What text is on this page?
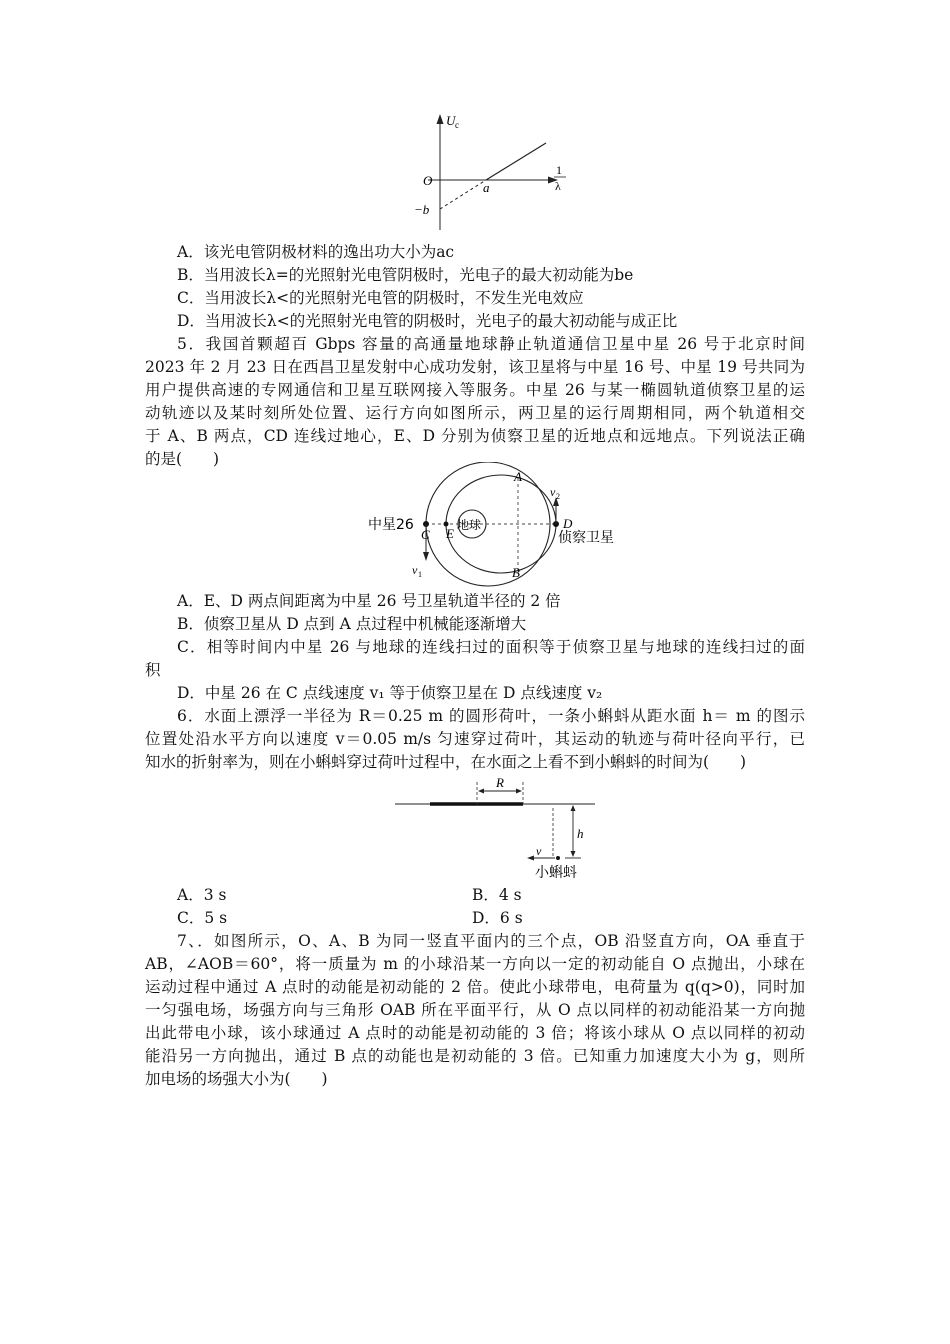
U c
O	a
−b
1
λ
A．该光电管阴极材料的逸出功大小为ac
B．当用波长λ=的光照射光电管阴极时，光电子的最大初动能为be
C．当用波长λ<的光照射光电管的阴极时，不发生光电效应
D．当用波长λ<的光照射光电管的阴极时，光电子的最大初动能与成正比
5．我国首颗超百 Gbps 容量的高通量地球静止轨道通信卫星中星 26 号于北京时间
2023 年 2 月 23 日在西昌卫星发射中心成功发射，该卫星将与中星 16 号、中星 19 号共同为
用户提供高速的专网通信和卫星互联网接入等服务。中星 26 与某一椭圆轨道侦察卫星的运
动轨迹以及某时刻所处位置、运行方向如图所示，两卫星的运行周期相同，两个轨道相交
于 A、B 两点，CD 连线过地心，E、D 分别为侦察卫星的近地点和远地点。下列说法正确
的是(　　)
地球
中星26
侦察卫星
A
B
C
D
E
v 1
v 2
A．E、D 两点间距离为中星 26 号卫星轨道半径的 2 倍
B．侦察卫星从 D 点到 A 点过程中机械能逐渐增大
C．相等时间内中星 26 与地球的连线扫过的面积等于侦察卫星与地球的连线扫过的面
积
D．中星 26 在 C 点线速度 v₁ 等于侦察卫星在 D 点线速度 v₂
6．水面上漂浮一半径为 R＝0.25 m 的圆形荷叶，一条小蝌蚪从距水面 h＝ m 的图示
位置处沿水平方向以速度 v＝0.05 m/s 匀速穿过荷叶，其运动的轨迹与荷叶径向平行，已
知水的折射率为，则在小蝌蚪穿过荷叶过程中，在水面之上看不到小蝌蚪的时间为(　　)
R
h
v
小蝌蚪
A．3 s	B．4 s
C．5 s	D．6 s
7、．如图所示，O、A、B 为同一竖直平面内的三个点，OB 沿竖直方向，OA 垂直于
AB，∠AOB＝60°，将一质量为 m 的小球沿某一方向以一定的初动能自 O 点抛出，小球在
运动过程中通过 A 点时的动能是初动能的 2 倍。使此小球带电，电荷量为 q(q>0)，同时加
一匀强电场，场强方向与三角形 OAB 所在平面平行，从 O 点以同样的初动能沿某一方向抛
出此带电小球，该小球通过 A 点时的动能是初动能的 3 倍；将该小球从 O 点以同样的初动
能沿另一方向抛出，通过 B 点的动能也是初动能的 3 倍。已知重力加速度大小为 g，则所
加电场的场强大小为(　　)
